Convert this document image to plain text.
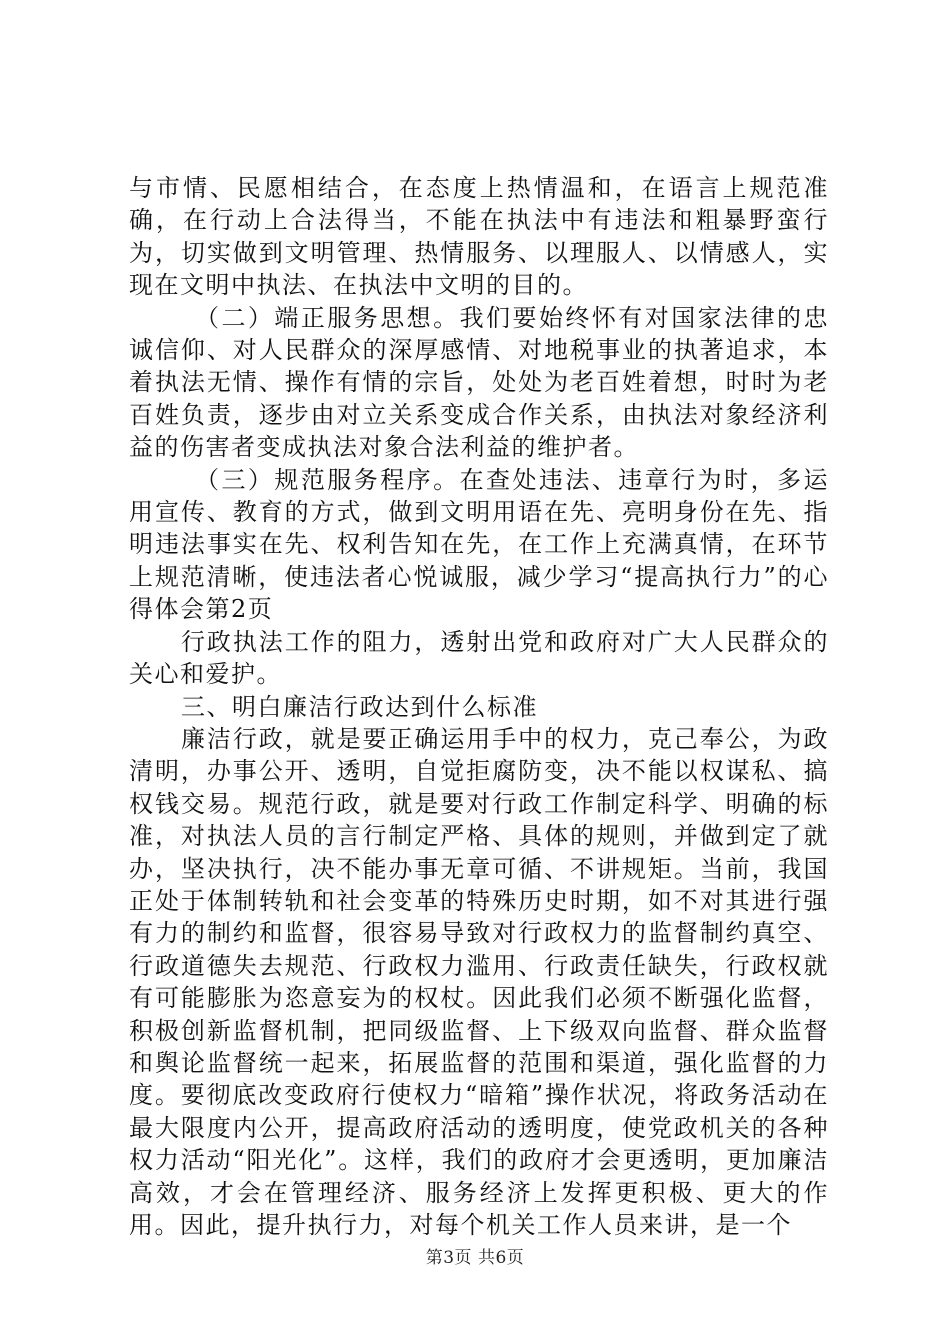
与市情、民愿相结合，在态度上热情温和，在语言上规范准确，在行动上合法得当，不能在执法中有违法和粗暴野蛮行为，切实做到文明管理、热情服务、以理服人、以情感人，实现在文明中执法、在执法中文明的目的。

（二）端正服务思想。我们要始终怀有对国家法律的忠诚信仰、对人民群众的深厚感情、对地税事业的执著追求，本着执法无情、操作有情的宗旨，处处为老百姓着想，时时为老百姓负责，逐步由对立关系变成合作关系，由执法对象经济利益的伤害者变成执法对象合法利益的维护者。

（三）规范服务程序。在查处违法、违章行为时，多运用宣传、教育的方式，做到文明用语在先、亮明身份在先、指明违法事实在先、权利告知在先，在工作上充满真情，在环节上规范清晰，使违法者心悦诚服，减少学习“提高执行力”的心得体会第2页

行政执法工作的阻力，透射出党和政府对广大人民群众的关心和爱护。

三、明白廉洁行政达到什么标准

廉洁行政，就是要正确运用手中的权力，克己奉公，为政清明，办事公开、透明，自觉拒腐防变，决不能以权谋私、搞权钱交易。规范行政，就是要对行政工作制定科学、明确的标准，对执法人员的言行制定严格、具体的规则，并做到定了就办，坚决执行，决不能办事无章可循、不讲规矩。当前，我国正处于体制转轨和社会变革的特殊历史时期，如不对其进行强有力的制约和监督，很容易导致对行政权力的监督制约真空、行政道德失去规范、行政权力滥用、行政责任缺失，行政权就有可能膨胀为恣意妄为的权杖。因此我们必须不断强化监督，积极创新监督机制，把同级监督、上下级双向监督、群众监督和舆论监督统一起来，拓展监督的范围和渠道，强化监督的力度。要彻底改变政府行使权力“暗箱”操作状况，将政务活动在最大限度内公开，提高政府活动的透明度，使党政机关的各种权力活动“阳光化”。这样，我们的政府才会更透明，更加廉洁高效，才会在管理经济、服务经济上发挥更积极、更大的作用。因此，提升执行力，对每个机关工作人员来讲，是一个

第3页 共6页
